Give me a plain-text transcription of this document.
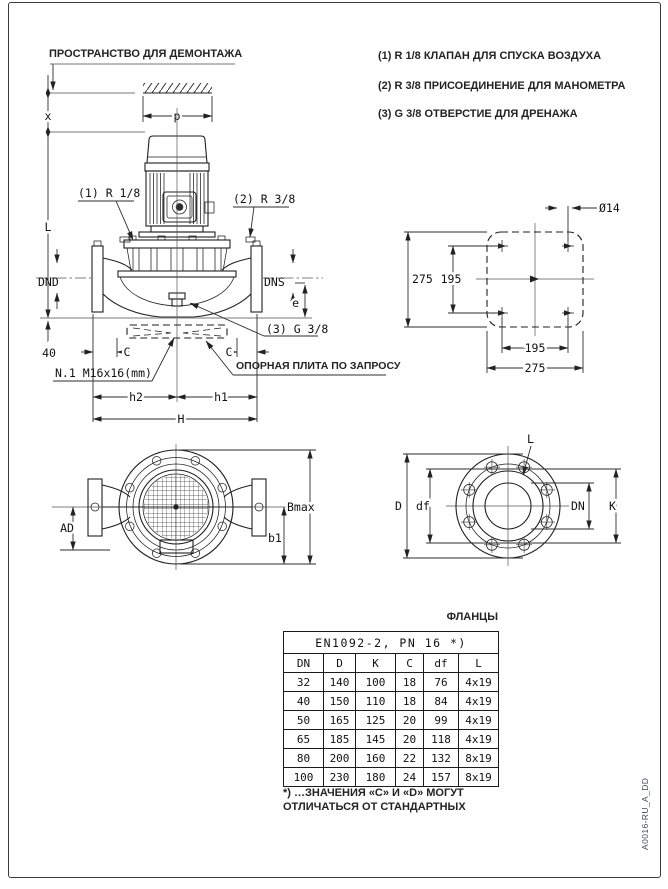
ПРОСТРАНСТВО ДЛЯ ДЕМОНТАЖА	(1) R 1/8 КЛАПАН ДЛЯ СПУСКА ВОЗДУХА
(2) R 3/8 ПРИСОЕДИНЕНИЕ ДЛЯ МАНОМЕТРА
(3) G 3/8 ОТВЕРСТИЕ ДЛЯ ДРЕНАЖА
ОПОРНАЯ ПЛИТА ПО ЗАПРОСУ
ФЛАНЦЫ
*) …ЗНАЧЕНИЯ «С» И «D» МОГУТ
ОТЛИЧАТЬСЯ ОТ СТАНДАРТНЫХ	A0016-RU_A_DD
x
L
p
DND	DNS
e
(1) R 1/8	(2) R 3/8
(3) G 3/8
N.1 M16x16(mm)
40	C	C
h2	h1
H
275 195
195
275
Ø14
AD
Bmax
b1
L
D df	DN K
EN1092-2, PN 16 *)					
DN	D	K	C	df	L
32	140	100	18	76	4x19
40	150	110	18	84	4x19
50	165	125	20	99	4x19
65	185	145	20	118	4x19
80	200	160	22	132	8x19
100	230	180	24	157	8x19
